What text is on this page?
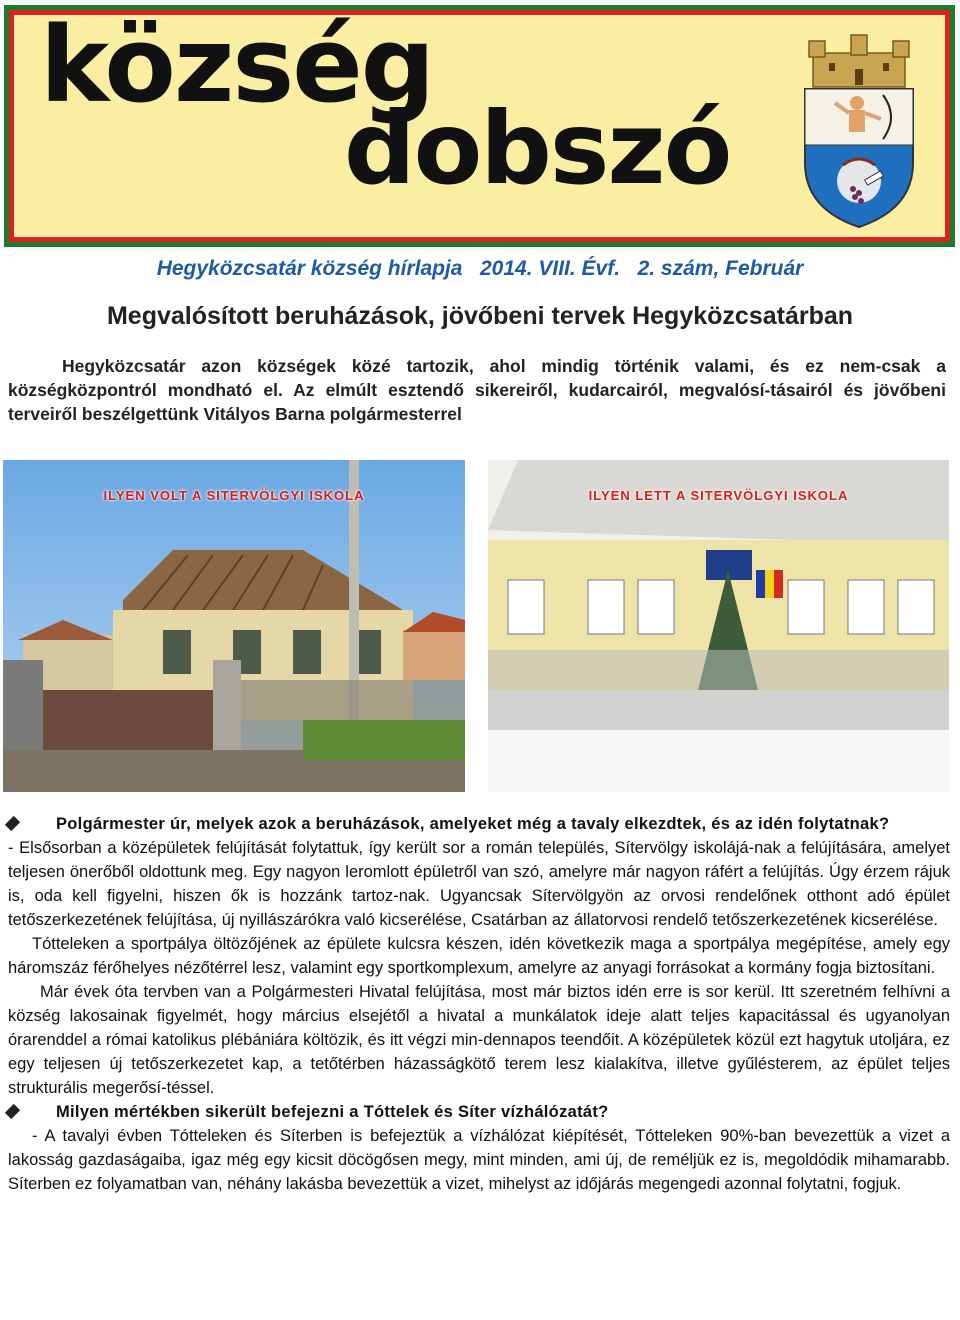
község
dobszó
Hegyközcsatár község hírlapja   2014. VIII. Évf.   2. szám, Február
Megvalósított beruházások, jövőbeni tervek Hegyközcsatárban

Hegyközcsatár azon községek közé tartozik, ahol mindig történik valami, és ez nem-csak a községközpontról mondható el. Az elmúlt esztendő sikereiről, kudarcairól, megvalósí-tásairól és jövőbeni terveiről beszélgettünk Vitályos Barna polgármesterrel

ILYEN VOLT A SITERVÖLGYI ISKOLA	ILYEN LETT A SITERVÖLGYI ISKOLA

Polgármester úr, melyek azok a beruházások, amelyeket még a tavaly elkezdtek, és az idén folytatnak?

- Elsősorban a középületek felújítását folytattuk, így került sor a román település, Sítervölgy iskolájá-nak a felújítására, amelyet teljesen önerőből oldottunk meg. Egy nagyon leromlott épületről van szó, amelyre már nagyon ráfért a felújítás. Úgy érzem rájuk is, oda kell figyelni, hiszen ők is hozzánk tartoz-nak. Ugyancsak Sítervölgyön az orvosi rendelőnek otthont adó épület tetőszerkezetének felújítása, új nyillászárókra való kicserélése, Csatárban az állatorvosi rendelő tetőszerkezetének kicserélése.

Tótteleken a sportpálya öltözőjének az épülete kulcsra készen, idén következik maga a sportpálya megépítése, amely egy háromszáz férőhelyes nézőtérrel lesz, valamint egy sportkomplexum, amelyre az anyagi forrásokat a kormány fogja biztosítani.

Már évek óta tervben van a Polgármesteri Hivatal felújítása, most már biztos idén erre is sor kerül. Itt szeretném felhívni a község lakosainak figyelmét, hogy március elsejétől a hivatal a munkálatok ideje alatt teljes kapacitással és ugyanolyan órarenddel a római katolikus plébániára költözik, és itt végzi min-dennapos teendőit. A középületek közül ezt hagytuk utoljára, ez egy teljesen új tetőszerkezetet kap, a tetőtérben házasságkötő terem lesz kialakítva, illetve gyűlésterem, az épület teljes strukturális megerősí-téssel.

Milyen mértékben sikerült befejezni a Tóttelek és Síter vízhálózatát?

- A tavalyi évben Tótteleken és Síterben is befejeztük a vízhálózat kiépítését, Tótteleken 90%-ban bevezettük a vizet a lakosság gazdaságaiba, igaz még egy kicsit döcögősen megy, mint minden, ami új, de reméljük ez is, megoldódik mihamarabb. Síterben ez folyamatban van, néhány lakásba bevezettük a vizet, mihelyst az időjárás megengedi azonnal folytatni, fogjuk.
